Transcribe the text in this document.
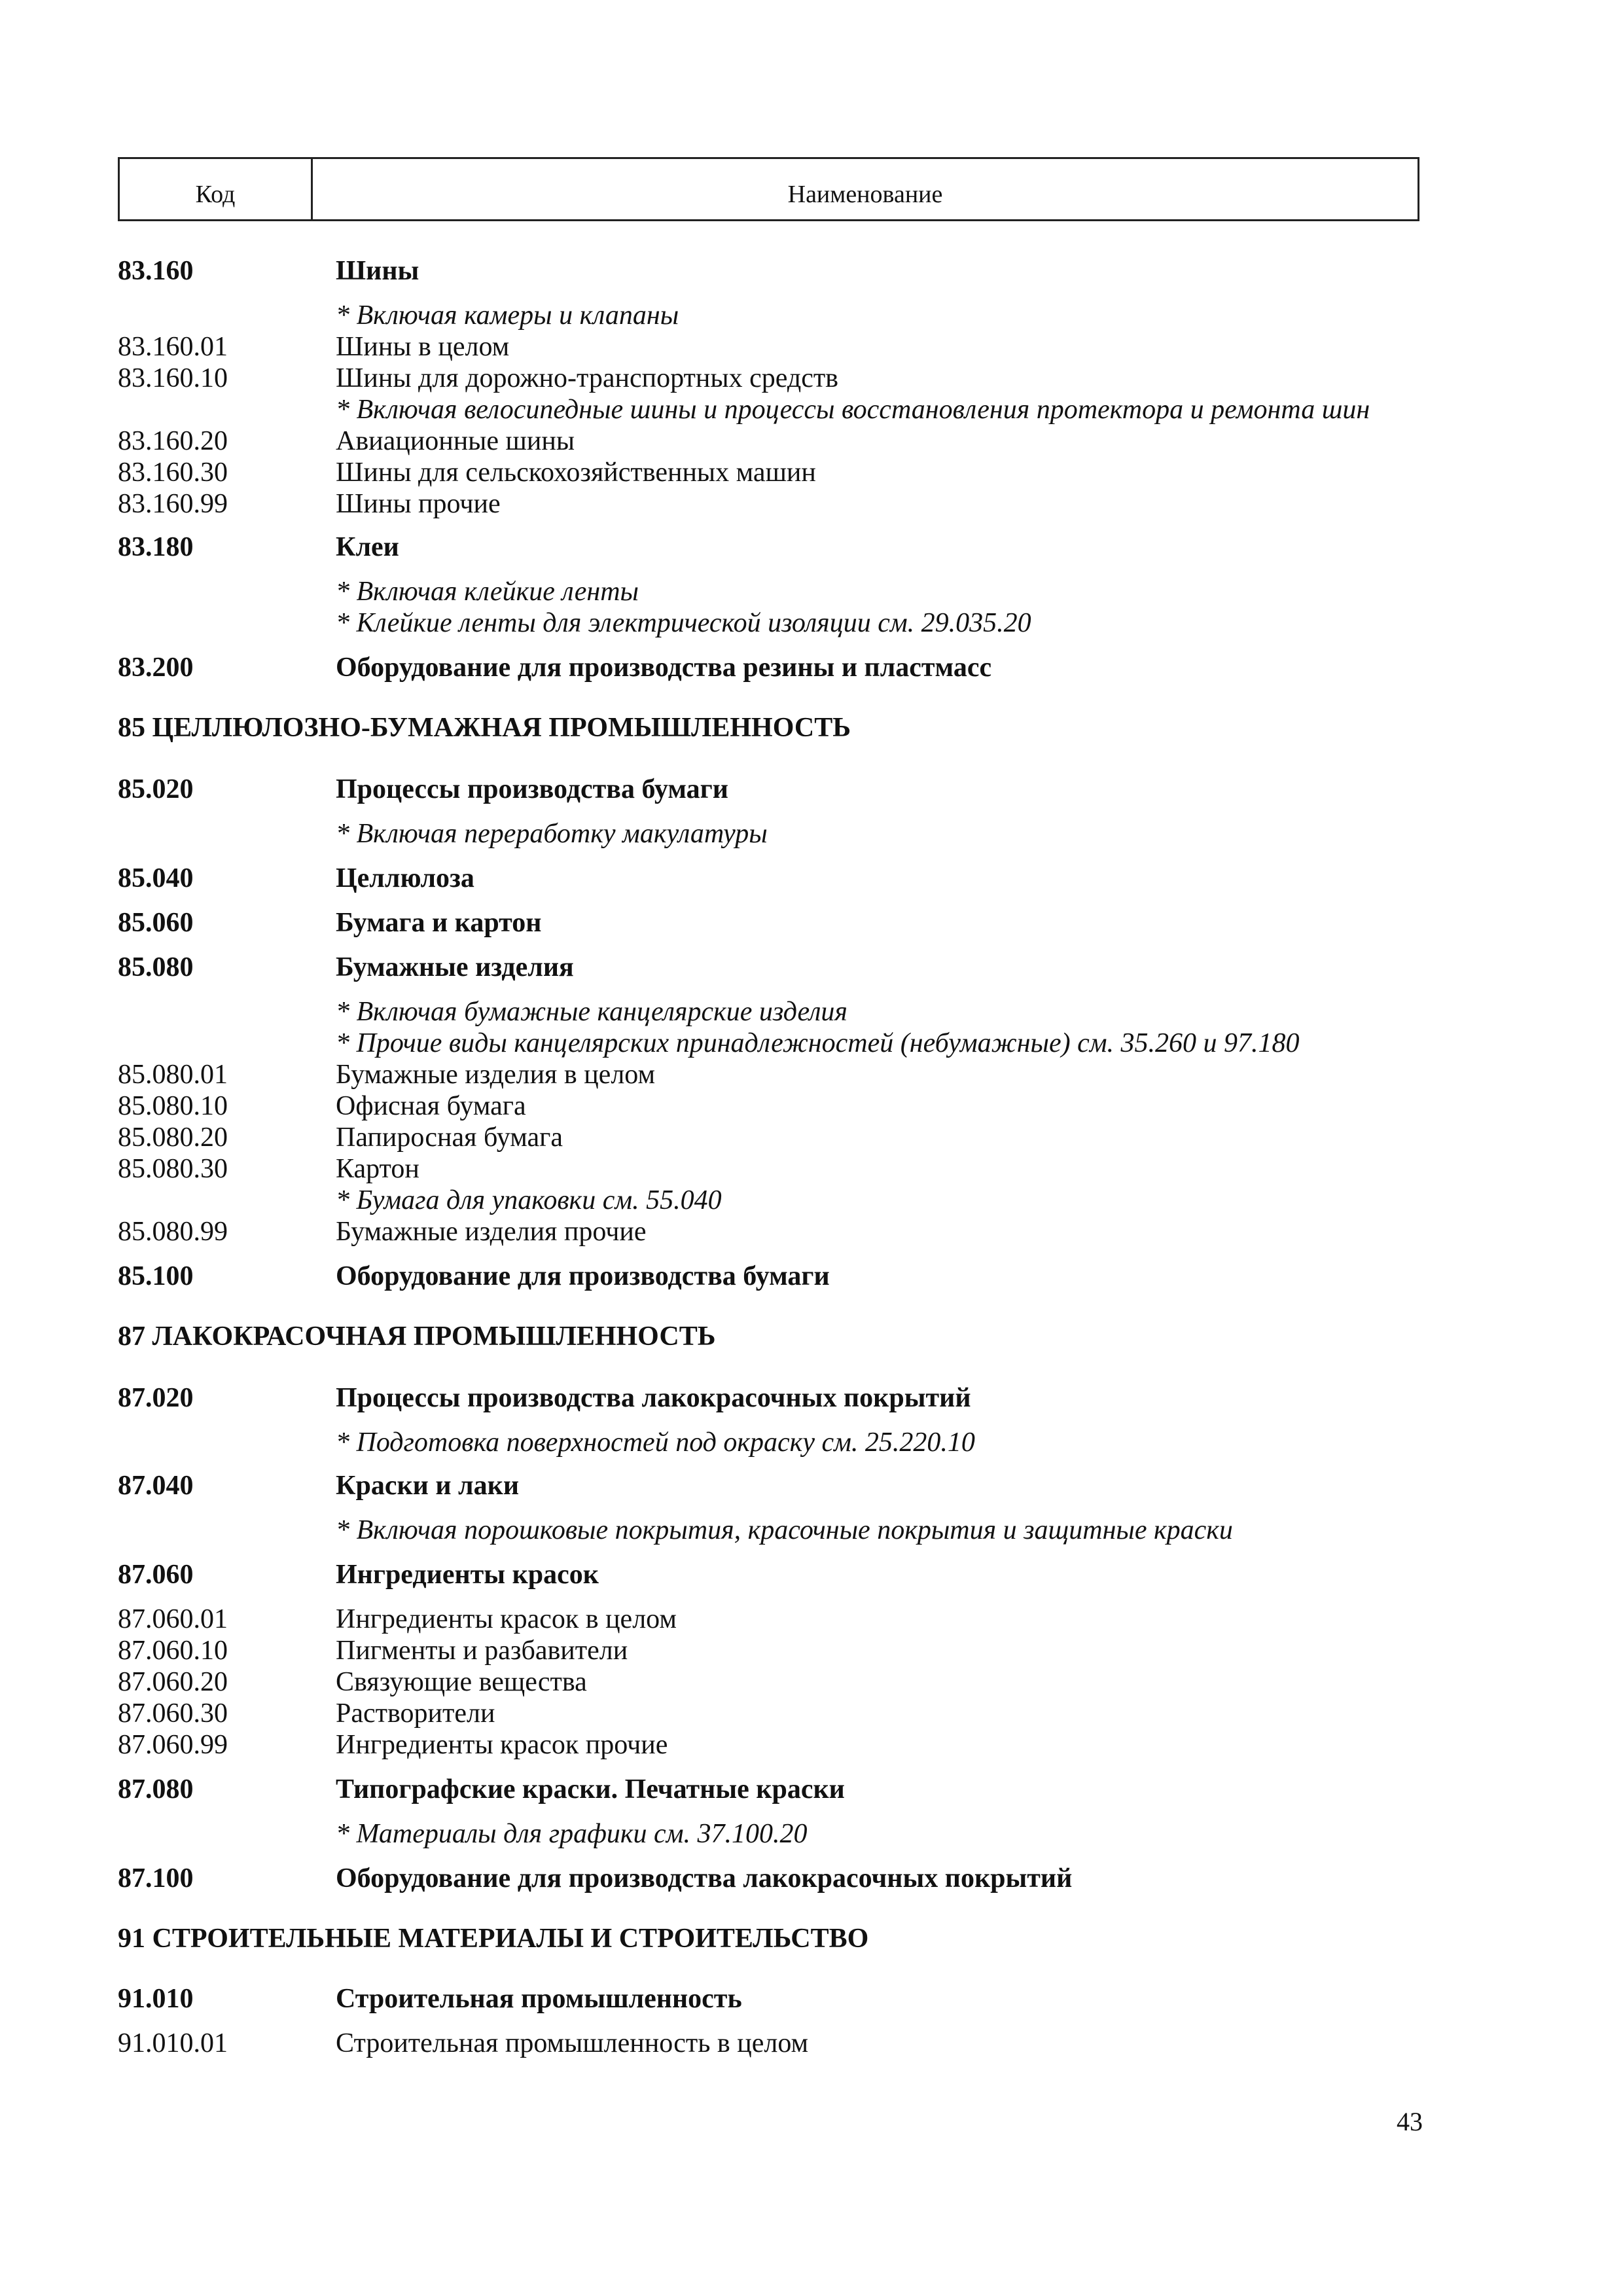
Код	Наименование
83.160	Шины
* Включая камеры и клапаны
83.160.01	Шины в целом
83.160.10	Шины для дорожно-транспортных средств
* Включая велосипедные шины и процессы восстановления протектора и ремонта шин
83.160.20	Авиационные шины
83.160.30	Шины для сельскохозяйственных машин
83.160.99	Шины прочие
83.180	Клеи
* Включая клейкие ленты
* Клейкие ленты для электрической изоляции см. 29.035.20
83.200	Оборудование для производства резины и пластмасс
85 ЦЕЛЛЮЛОЗНО-БУМАЖНАЯ ПРОМЫШЛЕННОСТЬ
85.020	Процессы производства бумаги
* Включая переработку макулатуры
85.040	Целлюлоза
85.060	Бумага и картон
85.080	Бумажные изделия
* Включая бумажные канцелярские изделия
* Прочие виды канцелярских принадлежностей (небумажные) см. 35.260 и 97.180
85.080.01	Бумажные изделия в целом
85.080.10	Офисная бумага
85.080.20	Папиросная бумага
85.080.30	Картон
* Бумага для упаковки см. 55.040
85.080.99	Бумажные изделия прочие
85.100	Оборудование для производства бумаги
87 ЛАКОКРАСОЧНАЯ ПРОМЫШЛЕННОСТЬ
87.020	Процессы производства лакокрасочных покрытий
* Подготовка поверхностей под окраску см. 25.220.10
87.040	Краски и лаки
* Включая порошковые покрытия, красочные покрытия и защитные краски
87.060	Ингредиенты красок
87.060.01	Ингредиенты красок в целом
87.060.10	Пигменты и разбавители
87.060.20	Связующие вещества
87.060.30	Растворители
87.060.99	Ингредиенты красок прочие
87.080	Типографские краски. Печатные краски
* Материалы для графики см. 37.100.20
87.100	Оборудование для производства лакокрасочных покрытий
91 СТРОИТЕЛЬНЫЕ МАТЕРИАЛЫ И СТРОИТЕЛЬСТВО
91.010	Строительная промышленность
91.010.01	Строительная промышленность в целом
43
